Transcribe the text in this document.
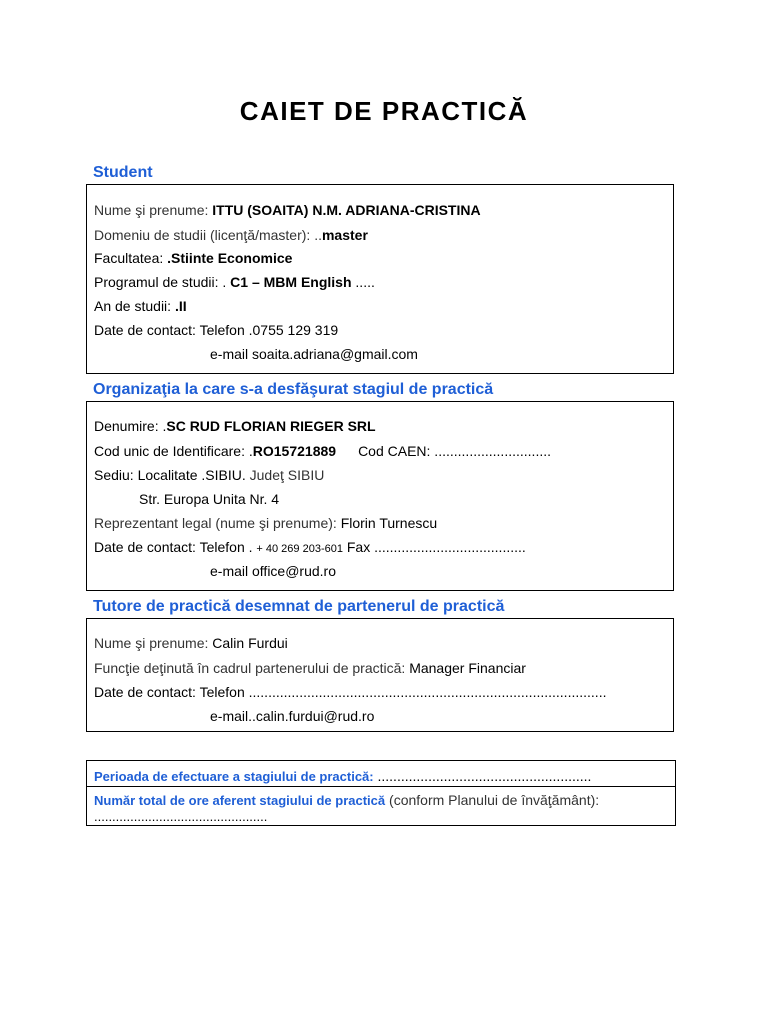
CAIET DE PRACTICĂ
Student
Nume şi prenume: ITTU (SOAITA) N.M. ADRIANA-CRISTINA
Domeniu de studii (licenţă/master): ..master
Facultatea: .Stiinte Economice
Programul de studii: . C1 – MBM English .....
An de studii: .II
Date de contact: Telefon .0755 129 319
e-mail soaita.adriana@gmail.com
Organizaţia la care s-a desfăşurat stagiul de practică
Denumire: .SC RUD FLORIAN RIEGER SRL
Cod unic de Identificare: .RO15721889 Cod CAEN: ..............................
Sediu: Localitate .SIBIU. Judeţ SIBIU
Str. Europa Unita Nr. 4
Reprezentant legal (nume şi prenume): Florin Turnescu
Date de contact: Telefon . + 40 269 203-601 Fax .......................................
e-mail office@rud.ro
Tutore de practică desemnat de partenerul de practică
Nume şi prenume: Calin Furdui
Funcţie deţinută în cadrul partenerului de practică: Manager Financiar
Date de contact: Telefon ............................................................................................
e-mail..calin.furdui@rud.ro
Perioada de efectuare a stagiului de practică: .......................................................
Număr total de ore aferent stagiului de practică (conform Planului de învăţământ):
................................................
